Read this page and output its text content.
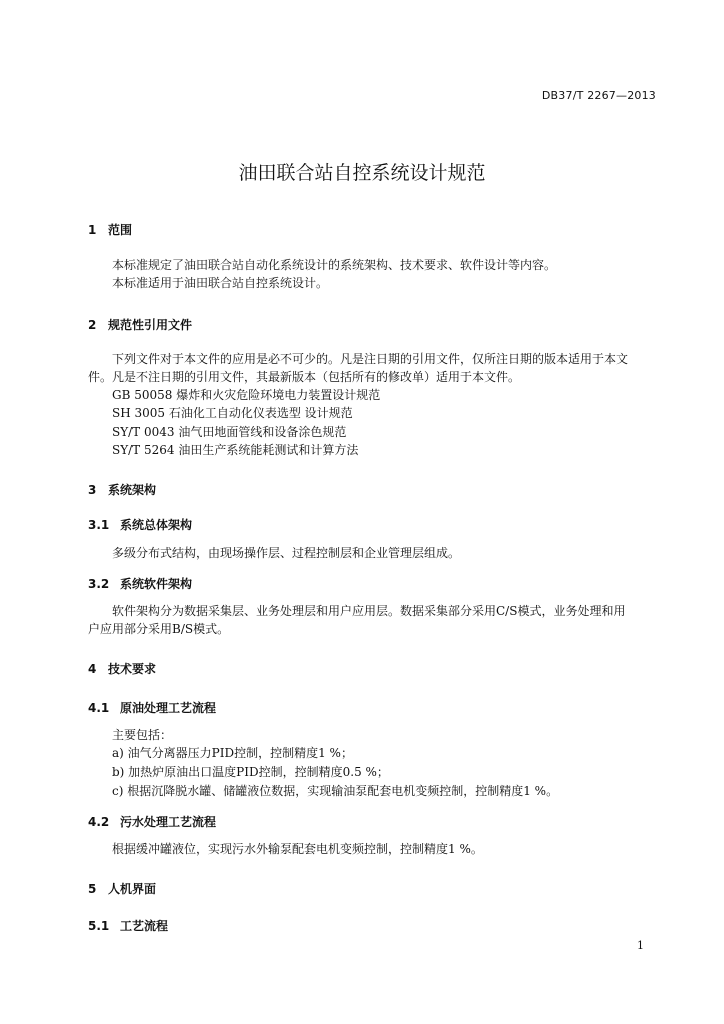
DB37/T 2267—2013
油田联合站自控系统设计规范
1 范围
本标准规定了油田联合站自动化系统设计的系统架构、技术要求、软件设计等内容。
本标准适用于油田联合站自控系统设计。
2 规范性引用文件
下列文件对于本文件的应用是必不可少的。凡是注日期的引用文件，仅所注日期的版本适用于本文
件。凡是不注日期的引用文件，其最新版本（包括所有的修改单）适用于本文件。
GB 50058 爆炸和火灾危险环境电力装置设计规范
SH 3005 石油化工自动化仪表选型 设计规范
SY/T 0043 油气田地面管线和设备涂色规范
SY/T 5264 油田生产系统能耗测试和计算方法
3 系统架构
3.1 系统总体架构
多级分布式结构，由现场操作层、过程控制层和企业管理层组成。
3.2 系统软件架构
软件架构分为数据采集层、业务处理层和用户应用层。数据采集部分采用C/S模式，业务处理和用
户应用部分采用B/S模式。
4 技术要求
4.1 原油处理工艺流程
主要包括：
a) 油气分离器压力PID控制，控制精度1 %；
b) 加热炉原油出口温度PID控制，控制精度0.5 %；
c) 根据沉降脱水罐、储罐液位数据，实现输油泵配套电机变频控制，控制精度1 %。
4.2 污水处理工艺流程
根据缓冲罐液位，实现污水外输泵配套电机变频控制，控制精度1 %。
5 人机界面
5.1 工艺流程
1
